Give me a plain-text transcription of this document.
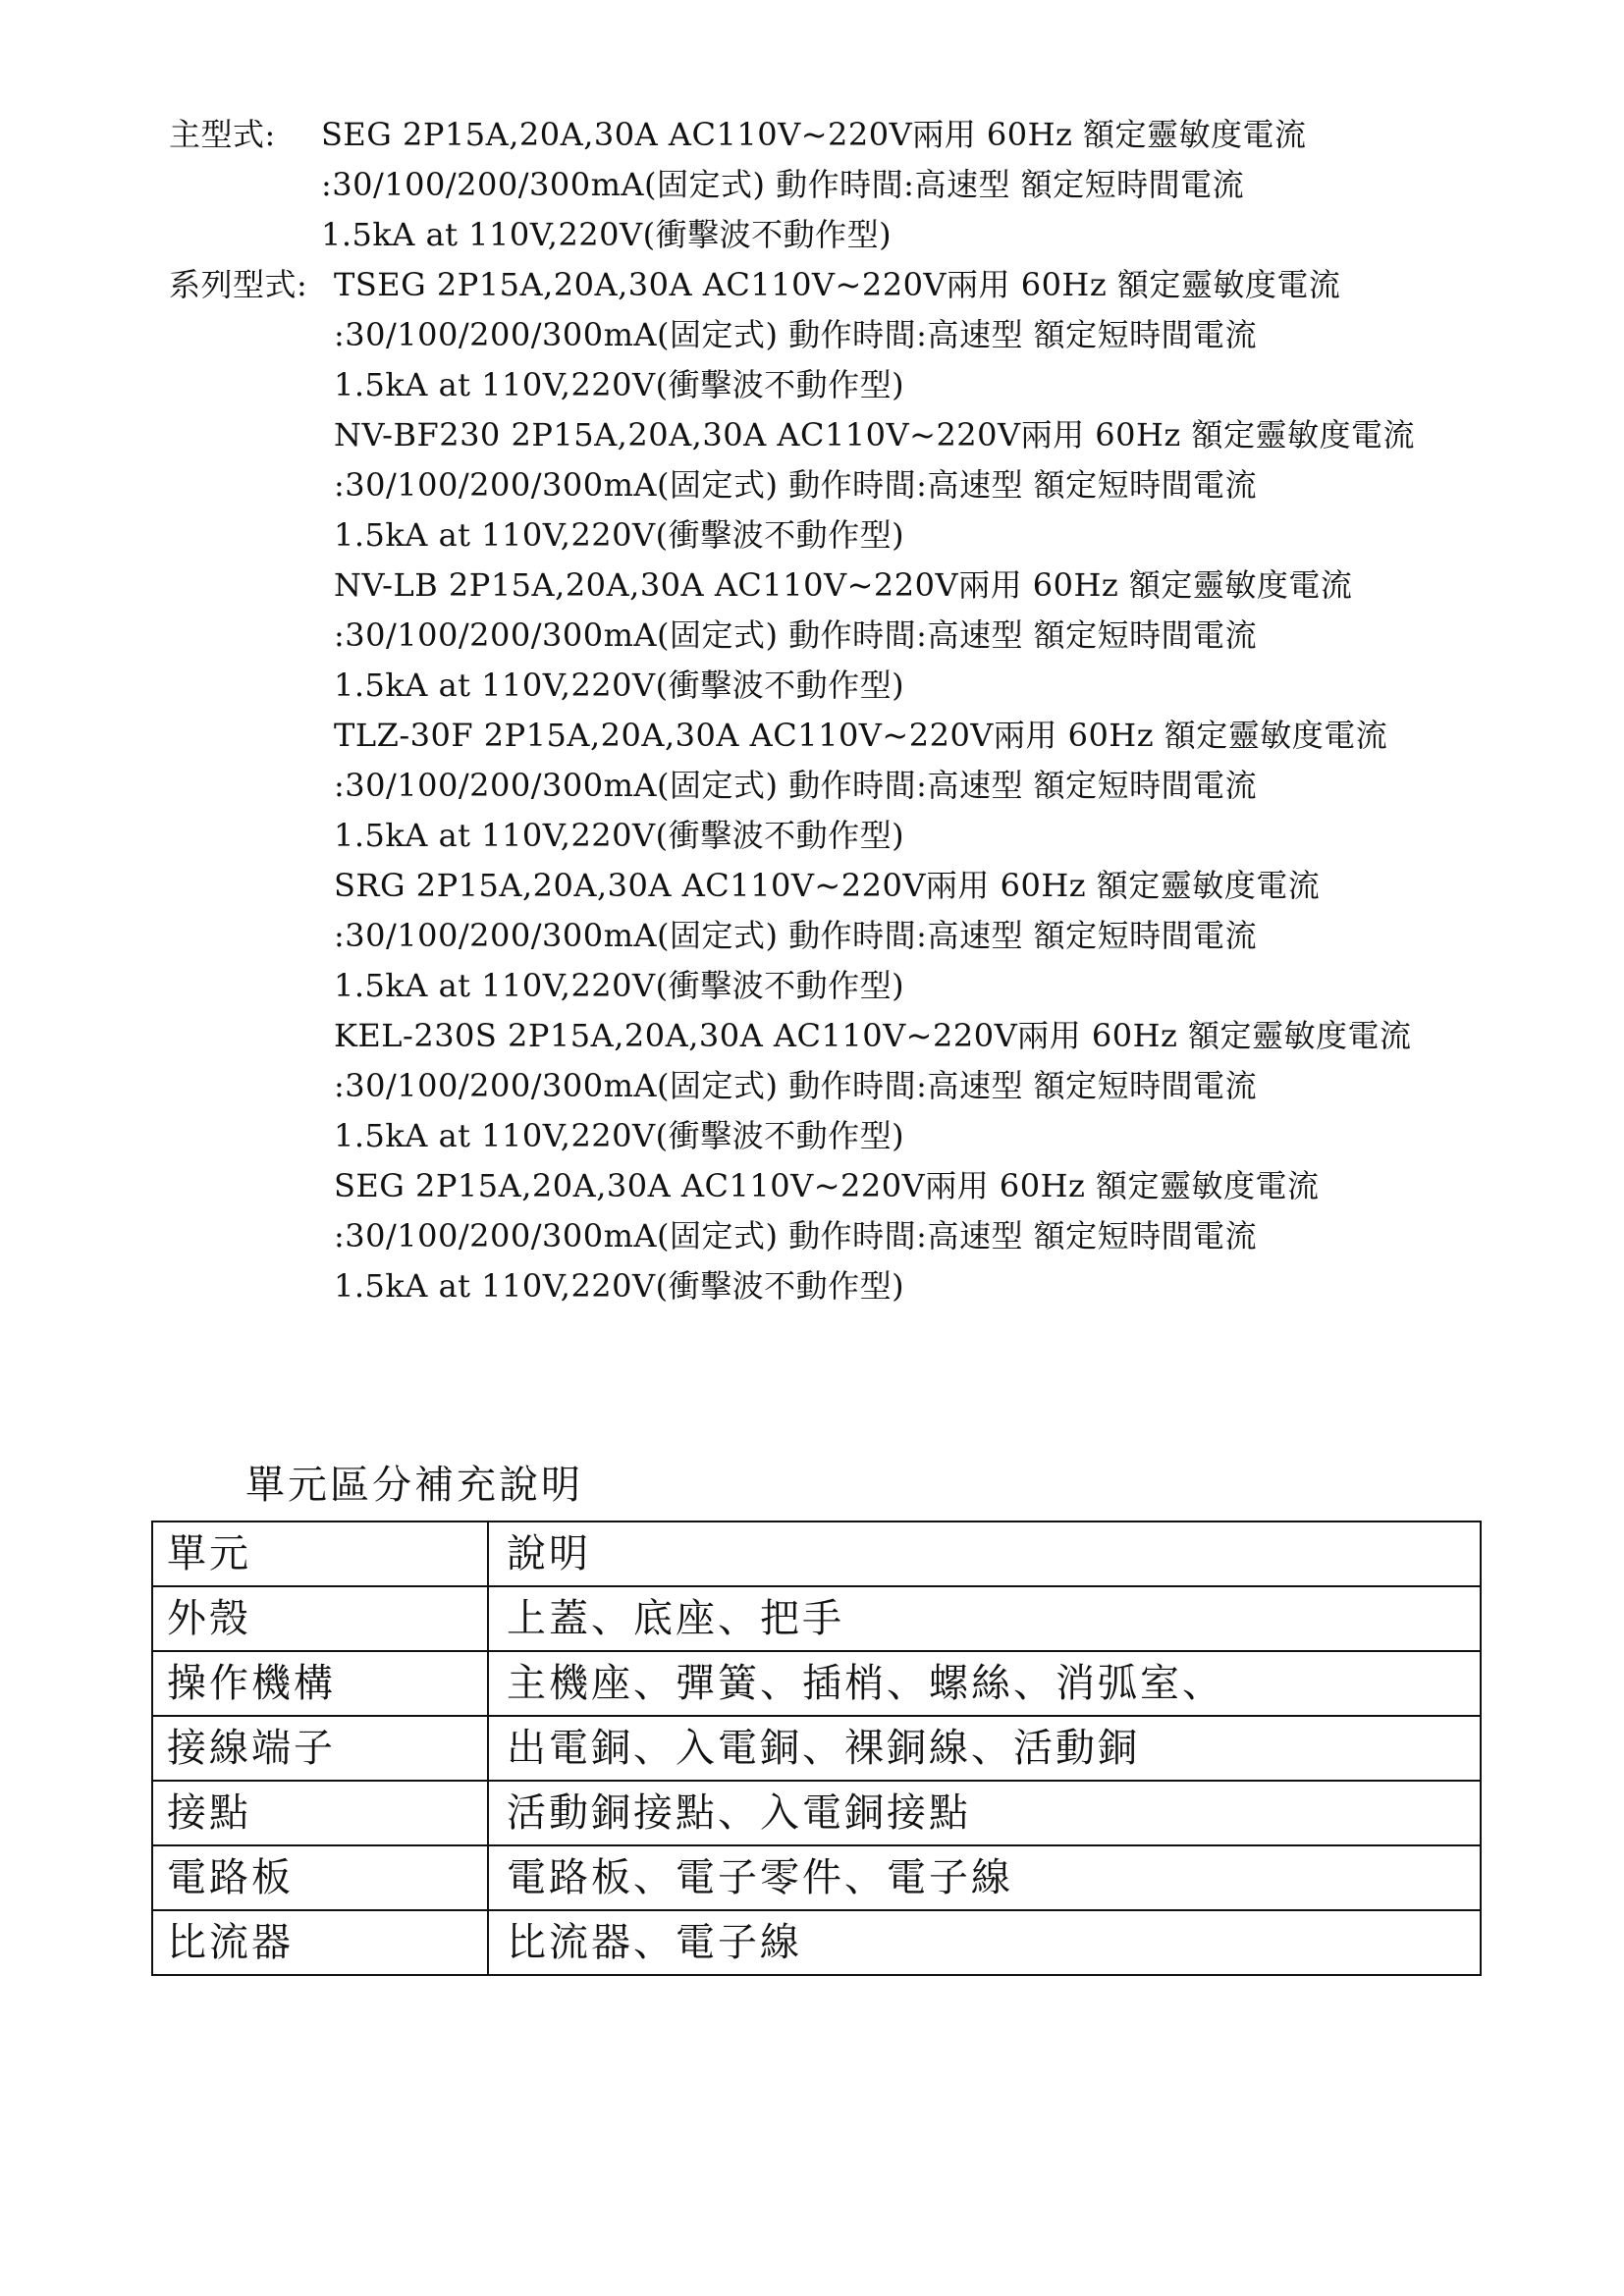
主型式:	SEG 2P15A,20A,30A AC110V~220V兩用 60Hz 額定靈敏度電流
:30/100/200/300mA(固定式) 動作時間:高速型 額定短時間電流
1.5kA at 110V,220V(衝擊波不動作型)
系列型式: TSEG 2P15A,20A,30A AC110V~220V兩用 60Hz 額定靈敏度電流
:30/100/200/300mA(固定式) 動作時間:高速型 額定短時間電流
1.5kA at 110V,220V(衝擊波不動作型)
NV-BF230 2P15A,20A,30A AC110V~220V兩用 60Hz 額定靈敏度電流
:30/100/200/300mA(固定式) 動作時間:高速型 額定短時間電流
1.5kA at 110V,220V(衝擊波不動作型)
NV-LB 2P15A,20A,30A AC110V~220V兩用 60Hz 額定靈敏度電流
:30/100/200/300mA(固定式) 動作時間:高速型 額定短時間電流
1.5kA at 110V,220V(衝擊波不動作型)
TLZ-30F 2P15A,20A,30A AC110V~220V兩用 60Hz 額定靈敏度電流
:30/100/200/300mA(固定式) 動作時間:高速型 額定短時間電流
1.5kA at 110V,220V(衝擊波不動作型)
SRG 2P15A,20A,30A AC110V~220V兩用 60Hz 額定靈敏度電流
:30/100/200/300mA(固定式) 動作時間:高速型 額定短時間電流
1.5kA at 110V,220V(衝擊波不動作型)
KEL-230S 2P15A,20A,30A AC110V~220V兩用 60Hz 額定靈敏度電流
:30/100/200/300mA(固定式) 動作時間:高速型 額定短時間電流
1.5kA at 110V,220V(衝擊波不動作型)
SEG 2P15A,20A,30A AC110V~220V兩用 60Hz 額定靈敏度電流
:30/100/200/300mA(固定式) 動作時間:高速型 額定短時間電流
1.5kA at 110V,220V(衝擊波不動作型)
單元區分補充說明
單元	說明
外殼	上蓋、底座、把手
操作機構	主機座、彈簧、插梢、螺絲、消弧室、
接線端子	出電銅、入電銅、裸銅線、活動銅
接點	活動銅接點、入電銅接點
電路板	電路板、電子零件、電子線
比流器	比流器、電子線
